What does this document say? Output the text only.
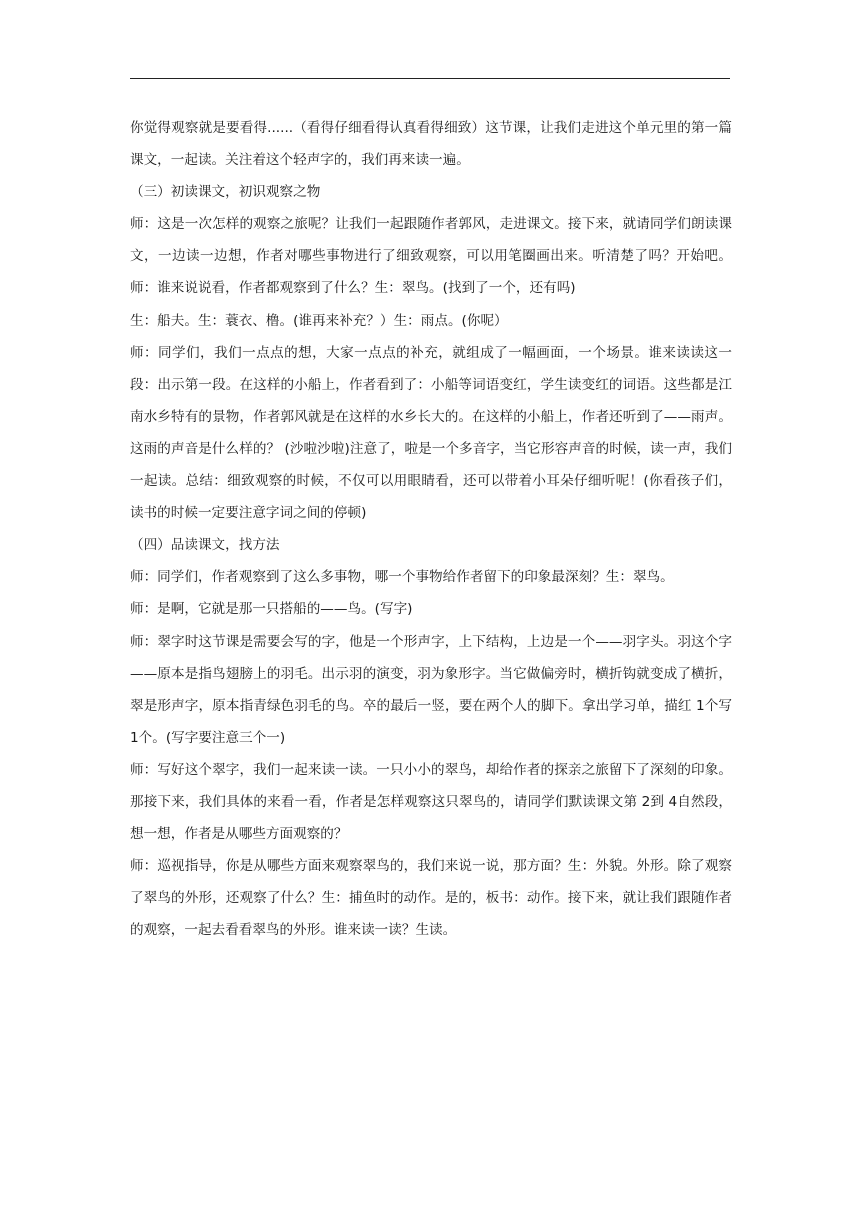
你觉得观察就是要看得......（看得仔细看得认真看得细致）这节课，让我们走进这个单元里的第一篇课文，一起读。关注着这个轻声字的，我们再来读一遍。

（三）初读课文，初识观察之物

师：这是一次怎样的观察之旅呢？让我们一起跟随作者郭风，走进课文。接下来，就请同学们朗读课文，一边读一边想，作者对哪些事物进行了细致观察，可以用笔圈画出来。听清楚了吗？开始吧。师：谁来说说看，作者都观察到了什么？生：翠鸟。(找到了一个，还有吗)

生：船夫。生：蓑衣、橹。(谁再来补充？）生：雨点。(你呢）

师：同学们，我们一点点的想，大家一点点的补充，就组成了一幅画面，一个场景。谁来读读这一段：出示第一段。在这样的小船上，作者看到了：小船等词语变红，学生读变红的词语。这些都是江南水乡特有的景物，作者郭风就是在这样的水乡长大的。在这样的小船上，作者还听到了——雨声。这雨的声音是什么样的？ (沙啦沙啦)注意了，啦是一个多音字，当它形容声音的时候，读一声，我们一起读。总结：细致观察的时候，不仅可以用眼睛看，还可以带着小耳朵仔细听呢！(你看孩子们，读书的时候一定要注意字词之间的停顿)

（四）品读课文，找方法

师：同学们，作者观察到了这么多事物，哪一个事物给作者留下的印象最深刻？生：翠鸟。

师：是啊，它就是那一只搭船的——鸟。(写字)

师：翠字时这节课是需要会写的字，他是一个形声字，上下结构，上边是一个——羽字头。羽这个字——原本是指鸟翅膀上的羽毛。出示羽的演变，羽为象形字。当它做偏旁时，横折钩就变成了横折，翠是形声字，原本指青绿色羽毛的鸟。卒的最后一竖，要在两个人的脚下。拿出学习单，描红 1个写 1个。(写字要注意三个一)

师：写好这个翠字，我们一起来读一读。一只小小的翠鸟，却给作者的探亲之旅留下了深刻的印象。那接下来，我们具体的来看一看，作者是怎样观察这只翠鸟的，请同学们默读课文第 2到 4自然段，想一想，作者是从哪些方面观察的？

师：巡视指导，你是从哪些方面来观察翠鸟的，我们来说一说，那方面？生：外貌。外形。除了观察了翠鸟的外形，还观察了什么？生：捕鱼时的动作。是的，板书：动作。接下来，就让我们跟随作者的观察，一起去看看翠鸟的外形。谁来读一读？生读。
